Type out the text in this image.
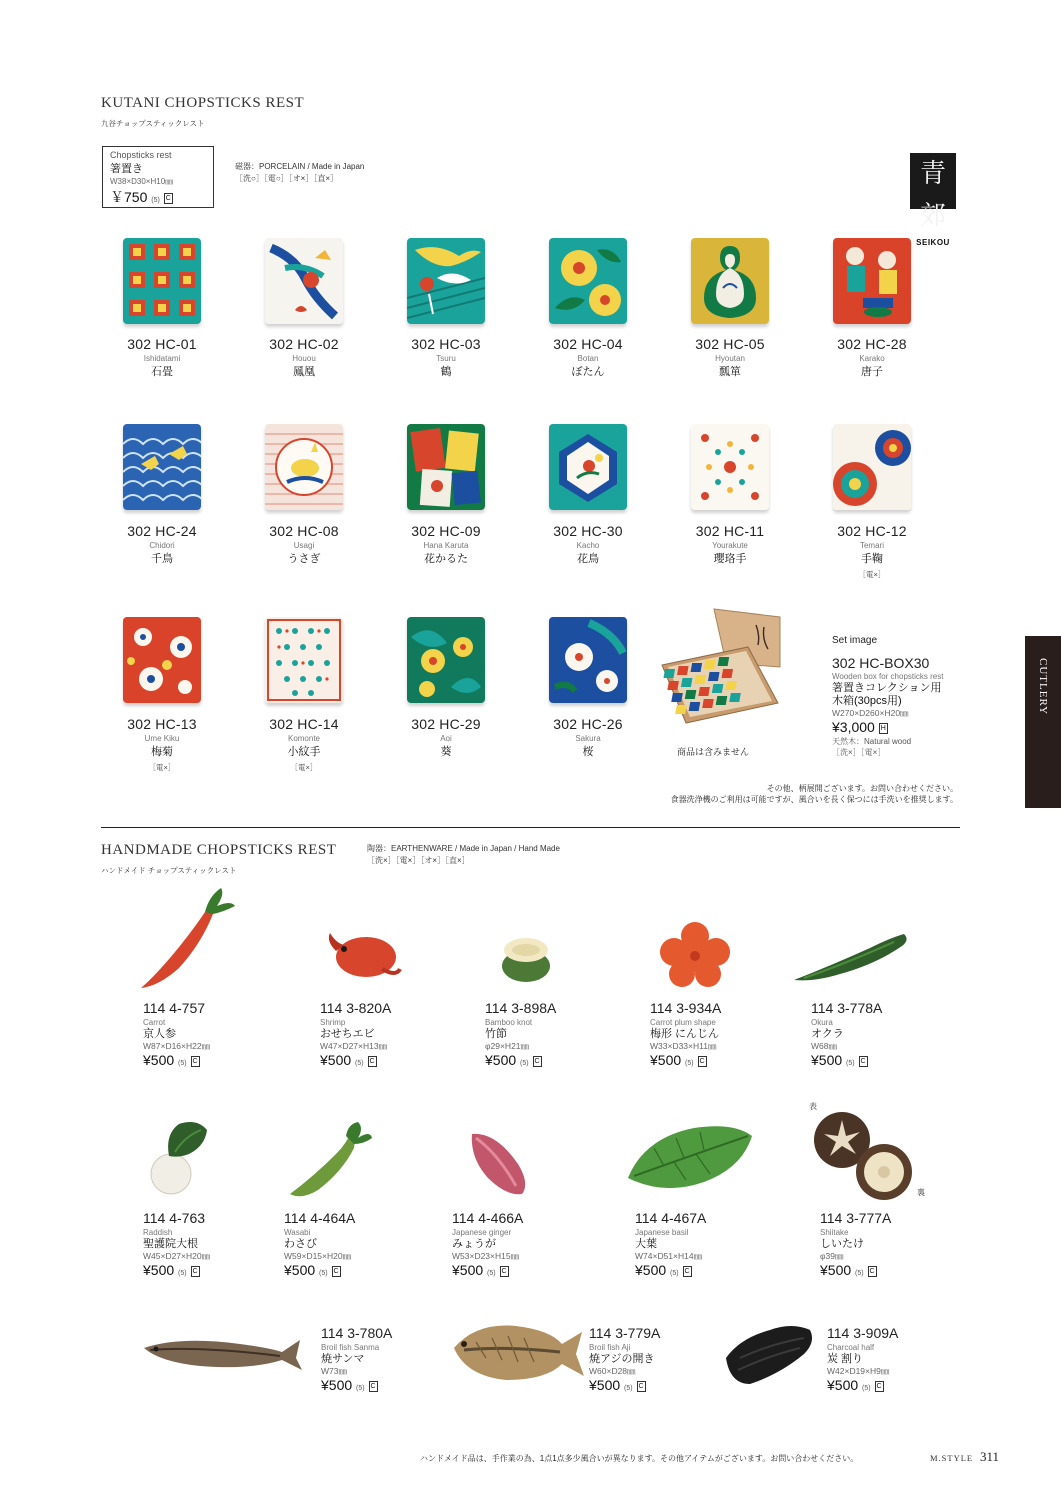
KUTANI CHOPSTICKS REST
九谷チョップスティックレスト
Chopsticks rest
箸置き
W38×D30×H10㎜
￥750 (5) C
磁器：PORCELAIN / Made in Japan
［洗○］［電○］［オ×］［直×］	青郊
SEIKOU
302 HC-01
Ishidatami
石畳
302 HC-02
Houou
鳳凰
302 HC-03
Tsuru
鶴
302 HC-04
Botan
ぼたん
302 HC-05
Hyoutan
瓢箪
302 HC-28
Karako
唐子
302 HC-24
Chidori
千鳥
302 HC-08
Usagi
うさぎ
302 HC-09
Hana Karuta
花かるた
302 HC-30
Kacho
花鳥
302 HC-11
Yourakute
瓔珞手
302 HC-12
Temari
手鞠
［電×］
商品は含みません
Set image
302 HC-BOX30
Wooden box for chopsticks rest
箸置きコレクション用
木箱(30pcs用)
W270×D260×H20㎜
¥3,000 H
天然木：Natural wood
［洗×］［電×］
302 HC-13
Ume Kiku
梅菊
［電×］
302 HC-14
Komonte
小紋手
［電×］
302 HC-29
Aoi
葵
302 HC-26
Sakura
桜
その他、柄展開ございます。お問い合わせください。
食器洗浄機のご利用は可能ですが、風合いを長く保つには手洗いを推奨します。
CUTLERY
HANDMADE CHOPSTICKS REST
ハンドメイド チョップスティックレスト
陶器：EARTHENWARE / Made in Japan / Hand Made
［洗×］［電×］［オ×］［直×］
114 4-757
Carrot
京人参
W87×D16×H22㎜
¥500 (5) C
114 3-820A
Shrimp
おせちエビ
W47×D27×H13㎜
¥500 (5) C
114 3-898A
Bamboo knot
竹節
φ29×H21㎜
¥500 (5) C
114 3-934A
Carrot plum shape
梅形 にんじん
W33×D33×H11㎜
¥500 (5) C
114 3-778A
Okura
オクラ
W68㎜
¥500 (5) C
表
裏
114 4-763
Raddish
聖護院大根
W45×D27×H20㎜
¥500 (5) C
114 4-464A
Wasabi
わさび
W59×D15×H20㎜
¥500 (5) C
114 4-466A
Japanese ginger
みょうが
W53×D23×H15㎜
¥500 (5) C
114 4-467A
Japanese basil
大葉
W74×D51×H14㎜
¥500 (5) C
114 3-777A
Shiitake
しいたけ
φ39㎜
¥500 (5) C
114 3-780A
Broil fish Sanma
焼サンマ
W73㎜
¥500 (5) C
114 3-779A
Broil fish Aji
焼アジの開き
W60×D28㎜
¥500 (5) C
114 3-909A
Charcoal half
炭 割り
W42×D19×H9㎜
¥500 (5) C
ハンドメイド品は、手作業の為、1点1点多少風合いが異なります。その他アイテムがございます。お問い合わせください。	M.STYLE 311
